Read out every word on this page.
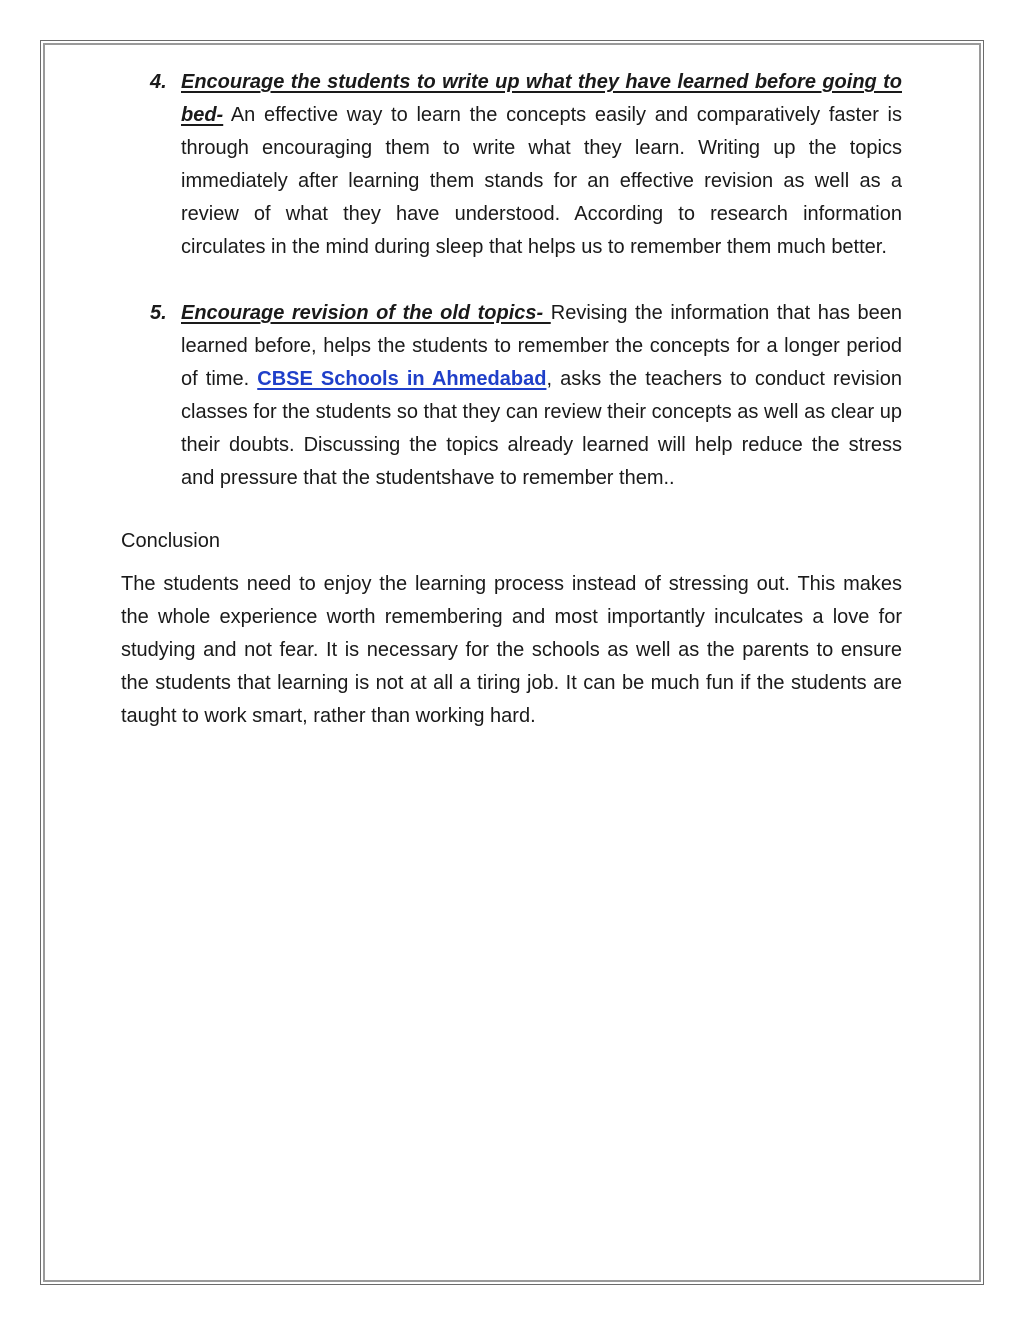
4. Encourage the students to write up what they have learned before going to bed- An effective way to learn the concepts easily and comparatively faster is through encouraging them to write what they learn. Writing up the topics immediately after learning them stands for an effective revision as well as a review of what they have understood. According to research information circulates in the mind during sleep that helps us to remember them much better.
5. Encourage revision of the old topics- Revising the information that has been learned before, helps the students to remember the concepts for a longer period of time. CBSE Schools in Ahmedabad, asks the teachers to conduct revision classes for the students so that they can review their concepts as well as clear up their doubts. Discussing the topics already learned will help reduce the stress and pressure that the studentshave to remember them..
Conclusion
The students need to enjoy the learning process instead of stressing out. This makes the whole experience worth remembering and most importantly inculcates a love for studying and not fear. It is necessary for the schools as well as the parents to ensure the students that learning is not at all a tiring job. It can be much fun if the students are taught to work smart, rather than working hard.
